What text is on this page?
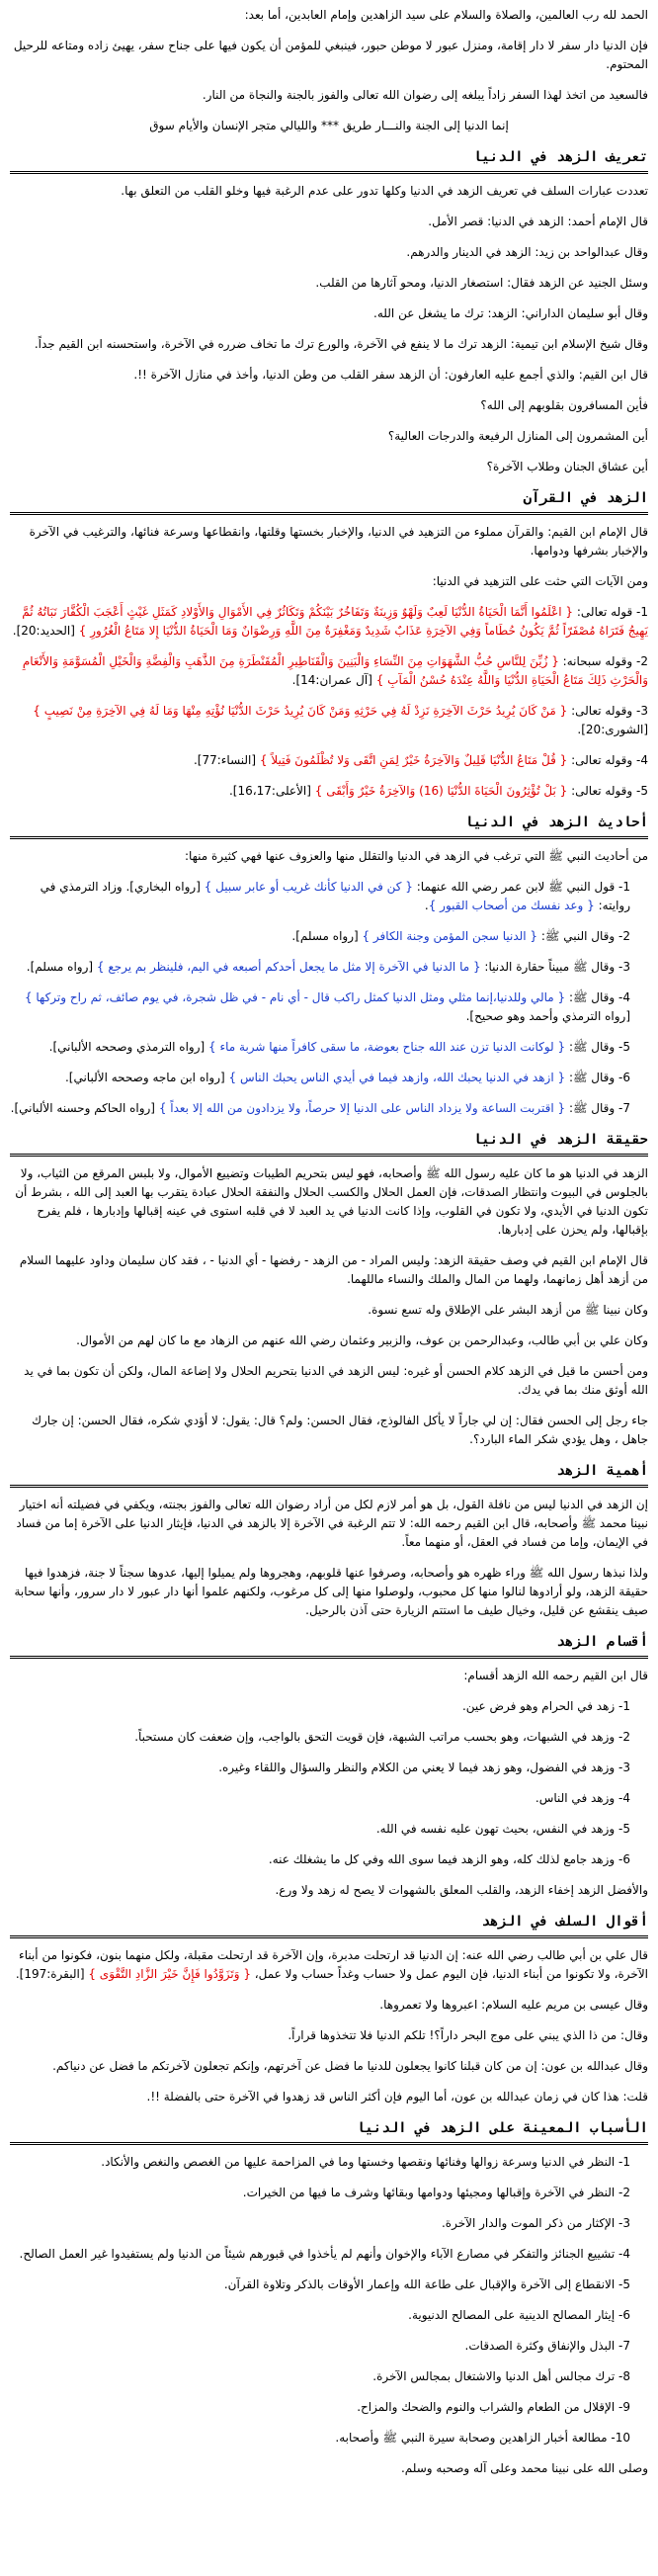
الحمد لله رب العالمين، والصلاة والسلام على سيد الزاهدين وإمام العابدين، أما بعد:

فإن الدنيا دار سفر لا دار إقامة، ومنزل عبور لا موطن حبور، فينبغي للمؤمن أن يكون فيها على جناح سفر، يهيئ زاده ومتاعه للرحيل المحتوم.

فالسعيد من اتخذ لهذا السفر زاداً يبلغه إلى رضوان الله تعالى والفوز بالجنة والنجاة من النار.

إنما الدنيا إلى الجنة والنـــار طريق *** والليالي متجر الإنسان والأيام سوق

تعريف الزهد في الدنيا

تعددت عبارات السلف في تعريف الزهد في الدنيا وكلها تدور على عدم الرغبة فيها وخلو القلب من التعلق بها.

قال الإمام أحمد: الزهد في الدنيا: قصر الأمل.

وقال عبدالواحد بن زيد: الزهد في الدينار والدرهم.

وسئل الجنيد عن الزهد فقال: استصغار الدنيا، ومحو آثارها من القلب.

وقال أبو سليمان الداراني: الزهد: ترك ما يشغل عن الله.

وقال شيخ الإسلام ابن تيمية: الزهد ترك ما لا ينفع في الآخرة، والورع ترك ما تخاف ضرره في الآخرة، واستحسنه ابن القيم جداً.

قال ابن القيم: والذي أجمع عليه العارفون: أن الزهد سفر القلب من وطن الدنيا، وأخذ في منازل الآخرة !!.

فأين المسافرون بقلوبهم إلى الله؟

أين المشمرون إلى المنازل الرفيعة والدرجات العالية؟

أين عشاق الجنان وطلاب الآخرة؟

الزهد في القرآن

قال الإمام ابن القيم: والقرآن مملوء من التزهيد في الدنيا، والإخبار بخستها وقلتها، وانقطاعها وسرعة فنائها، والترغيب في الآخرة والإخبار بشرفها ودوامها.

ومن الآيات التي حثت على التزهيد في الدنيا:

1- قوله تعالى: { اعْلَمُوا أَنَّمَا الْحَيَاةُ الدُّنْيَا لَعِبٌ وَلَهْوٌ وَزِينَةٌ وَتَفَاخُرٌ بَيْنَكُمْ وَتَكَاثُرٌ فِي الأَمْوَالِ وَالأَوْلادِ كَمَثَلِ غَيْثٍ أَعْجَبَ الْكُفَّارَ نَبَاتُهُ ثُمَّ يَهِيجُ فَتَرَاهُ مُصْفَرّاً ثُمَّ يَكُونُ حُطَاماً وَفِي الآخِرَةِ عَذَابٌ شَدِيدٌ وَمَغْفِرَةٌ مِنَ اللَّهِ وَرِضْوَانٌ وَمَا الْحَيَاةُ الدُّنْيَا إِلا مَتَاعُ الْغُرُورِ } [الحديد:20].

2- وقوله سبحانه: { زُيِّنَ لِلنَّاسِ حُبُّ الشَّهَوَاتِ مِنَ النِّسَاءِ وَالْبَنِينَ وَالْقَنَاطِيرِ الْمُقَنْطَرَةِ مِنَ الذَّهَبِ وَالْفِضَّةِ وَالْخَيْلِ الْمُسَوَّمَةِ وَالأَنْعَامِ وَالْحَرْثِ ذَلِكَ مَتَاعُ الْحَيَاةِ الدُّنْيَا وَاللَّهُ عِنْدَهُ حُسْنُ الْمَآبِ } [آل عمران:14].

3- وقوله تعالى: { مَنْ كَانَ يُرِيدُ حَرْثَ الآخِرَةِ نَزِدْ لَهُ فِي حَرْثِهِ وَمَنْ كَانَ يُرِيدُ حَرْثَ الدُّنْيَا نُؤْتِهِ مِنْهَا وَمَا لَهُ فِي الآخِرَةِ مِنْ نَصِيبٍ } [الشورى:20].

4- وقوله تعالى: { قُلْ مَتَاعُ الدُّنْيَا قَلِيلٌ وَالآخِرَةُ خَيْرٌ لِمَنِ اتَّقَى وَلا تُظْلَمُونَ فَتِيلاً } [النساء:77].

5- وقوله تعالى: { بَلْ تُؤْثِرُونَ الْحَيَاةَ الدُّنْيَا (16) وَالآخِرَةُ خَيْرٌ وَأَبْقَى } [الأعلى:16،17].

أحاديث الزهد في الدنيا

من أحاديث النبي ﷺ التي ترغب في الزهد في الدنيا والتقلل منها والعزوف عنها فهي كثيرة منها:

1- قول النبي ﷺ لابن عمر رضي الله عنهما: { كن في الدنيا كأنك غريب أو عابر سبيل } [رواه البخاري]. وزاد الترمذي في روايته: { وعد نفسك من أصحاب القبور }.

2- وقال النبي ﷺ: { الدنيا سجن المؤمن وجنة الكافر } [رواه مسلم].

3- وقال ﷺ مبيناً حقارة الدنيا: { ما الدنيا في الآخرة إلا مثل ما يجعل أحدكم أصبعه في اليم، فلينظر بم يرجع } [رواه مسلم].

4- وقال ﷺ: { مالي وللدنيا،إنما مثلي ومثل الدنيا كمثل راكب قال - أي نام - في ظل شجرة، في يوم صائف، ثم راح وتركها } [رواه الترمذي وأحمد وهو صحيح].

5- وقال ﷺ: { لوكانت الدنيا تزن عند الله جناح بعوضة، ما سقى كافراً منها شربة ماء } [رواه الترمذي وصححه الألباني].

6- وقال ﷺ: { ازهد في الدنيا يحبك الله، وازهد فيما في أيدي الناس يحبك الناس } [رواه ابن ماجه وصححه الألباني].

7- وقال ﷺ: { اقتربت الساعة ولا يزداد الناس على الدنيا إلا حرصاً، ولا يزدادون من الله إلا بعداً } [رواه الحاكم وحسنه الألباني].

حقيقة الزهد في الدنيا

الزهد في الدنيا هو ما كان عليه رسول الله ﷺ وأصحابه، فهو ليس بتحريم الطيبات وتضييع الأموال، ولا بلبس المرقع من الثياب، ولا بالجلوس في البيوت وانتظار الصدقات، فإن العمل الحلال والكسب الحلال والنفقة الحلال عبادة يتقرب بها العبد إلى الله ، بشرط أن تكون الدنيا في الأيدي، ولا تكون في القلوب، وإذا كانت الدنيا في يد العبد لا في قلبه استوى في عينه إقبالها وإدبارها ، فلم يفرح بإقبالها، ولم يحزن على إدبارها.

قال الإمام ابن القيم في وصف حقيقة الزهد: وليس المراد - من الزهد - رفضها - أي الدنيا - ، فقد كان سليمان وداود عليهما السلام من أزهد أهل زمانهما، ولهما من المال والملك والنساء ماللهما.

وكان نبينا ﷺ من أزهد البشر على الإطلاق وله تسع نسوة.

وكان علي بن أبي طالب، وعبدالرحمن بن عوف، والزبير وعثمان رضي الله عنهم من الزهاد مع ما كان لهم من الأموال.

ومن أحسن ما قيل في الزهد كلام الحسن أو غيره: ليس الزهد في الدنيا بتحريم الحلال ولا إضاعة المال، ولكن أن تكون بما في يد الله أوثق منك بما في يدك.

جاء رجل إلى الحسن فقال: إن لي جاراً لا يأكل الفالوذج، فقال الحسن: ولم؟ قال: يقول: لا أؤدي شكره، فقال الحسن: إن جارك جاهل ، وهل يؤدي شكر الماء البارد؟.

أهمية الزهد

إن الزهد في الدنيا ليس من نافلة القول، بل هو أمر لازم لكل من أراد رضوان الله تعالى والفوز بجنته، ويكفي في فضيلته أنه اختيار نبينا محمد ﷺ وأصحابه، قال ابن القيم رحمه الله: لا تتم الرغبة في الآخرة إلا بالزهد في الدنيا، فإيثار الدنيا على الآخرة إما من فساد في الإيمان، وإما من فساد في العقل، أو منهما معاً.

ولذا نبذها رسول الله ﷺ وراء ظهره هو وأصحابه، وصرفوا عنها قلوبهم، وهجروها ولم يميلوا إليها، عدوها سجناً لا جنة، فزهدوا فيها حقيقة الزهد، ولو أرادوها لنالوا منها كل محبوب، ولوصلوا منها إلى كل مرغوب، ولكنهم علموا أنها دار عبور لا دار سرور، وأنها سحابة صيف ينقشع عن قليل، وخيال طيف ما استتم الزيارة حتى آذن بالرحيل.

أقسام الزهد

قال ابن القيم رحمه الله الزهد أقسام:

1- زهد في الحرام وهو فرض عين.

2- وزهد في الشبهات، وهو بحسب مراتب الشبهة، فإن قويت التحق بالواجب، وإن ضعفت كان مستحباً.

3- وزهد في الفضول، وهو زهد فيما لا يعني من الكلام والنظر والسؤال واللقاء وغيره.

4- وزهد في الناس.

5- وزهد في النفس، بحيث تهون عليه نفسه في الله.

6- وزهد جامع لذلك كله، وهو الزهد فيما سوى الله وفي كل ما يشغلك عنه.

والأفضل الزهد إخفاء الزهد، والقلب المعلق بالشهوات لا يصح له زهد ولا ورع.

أقوال السلف في الزهد

قال علي بن أبي طالب رضي الله عنه: إن الدنيا قد ارتحلت مدبرة، وإن الآخرة قد ارتحلت مقبلة، ولكل منهما بنون، فكونوا من أبناء الآخرة، ولا تكونوا من أبناء الدنيا، فإن اليوم عمل ولا حساب وغداً حساب ولا عمل، { وَتَزَوَّدُوا فَإِنَّ خَيْرَ الزَّادِ التَّقْوَى } [البقرة:197].

وقال عيسى بن مريم عليه السلام: اعبروها ولا تعمروها.

وقال: من ذا الذي يبني على موج البحر داراً؟! تلكم الدنيا فلا تتخذوها قراراً.

وقال عبدالله بن عون: إن من كان قبلنا كانوا يجعلون للدنيا ما فضل عن آخرتهم، وإنكم تجعلون لآخرتكم ما فضل عن دنياكم.

قلت: هذا كان في زمان عبدالله بن عون، أما اليوم فإن أكثر الناس قد زهدوا في الآخرة حتى بالفضلة !!.

الأسباب المعينة على الزهد في الدنيا

1- النظر في الدنيا وسرعة زوالها وفنائها ونقصها وخستها وما في المزاحمة عليها من الغصص والنغص والأنكاد.

2- النظر في الآخرة وإقبالها ومجيئها ودوامها وبقائها وشرف ما فيها من الخيرات.

3- الإكثار من ذكر الموت والدار الآخرة.

4- تشييع الجنائز والتفكر في مصارع الآباء والإخوان وأنهم لم يأخذوا في قبورهم شيئاً من الدنيا ولم يستفيدوا غير العمل الصالح.

5- الانقطاع إلى الآخرة والإقبال على طاعة الله وإعمار الأوقات بالذكر وتلاوة القرآن.

6- إيثار المصالح الدينية على المصالح الدنيوية.

7- البذل والإنفاق وكثرة الصدقات.

8- ترك مجالس أهل الدنيا والاشتغال بمجالس الآخرة.

9- الإقلال من الطعام والشراب والنوم والضحك والمزاح.

10- مطالعة أخبار الزاهدين وصحابة سيرة النبي ﷺ وأصحابه.

وصلى الله على نبينا محمد وعلى آله وصحبه وسلم.
